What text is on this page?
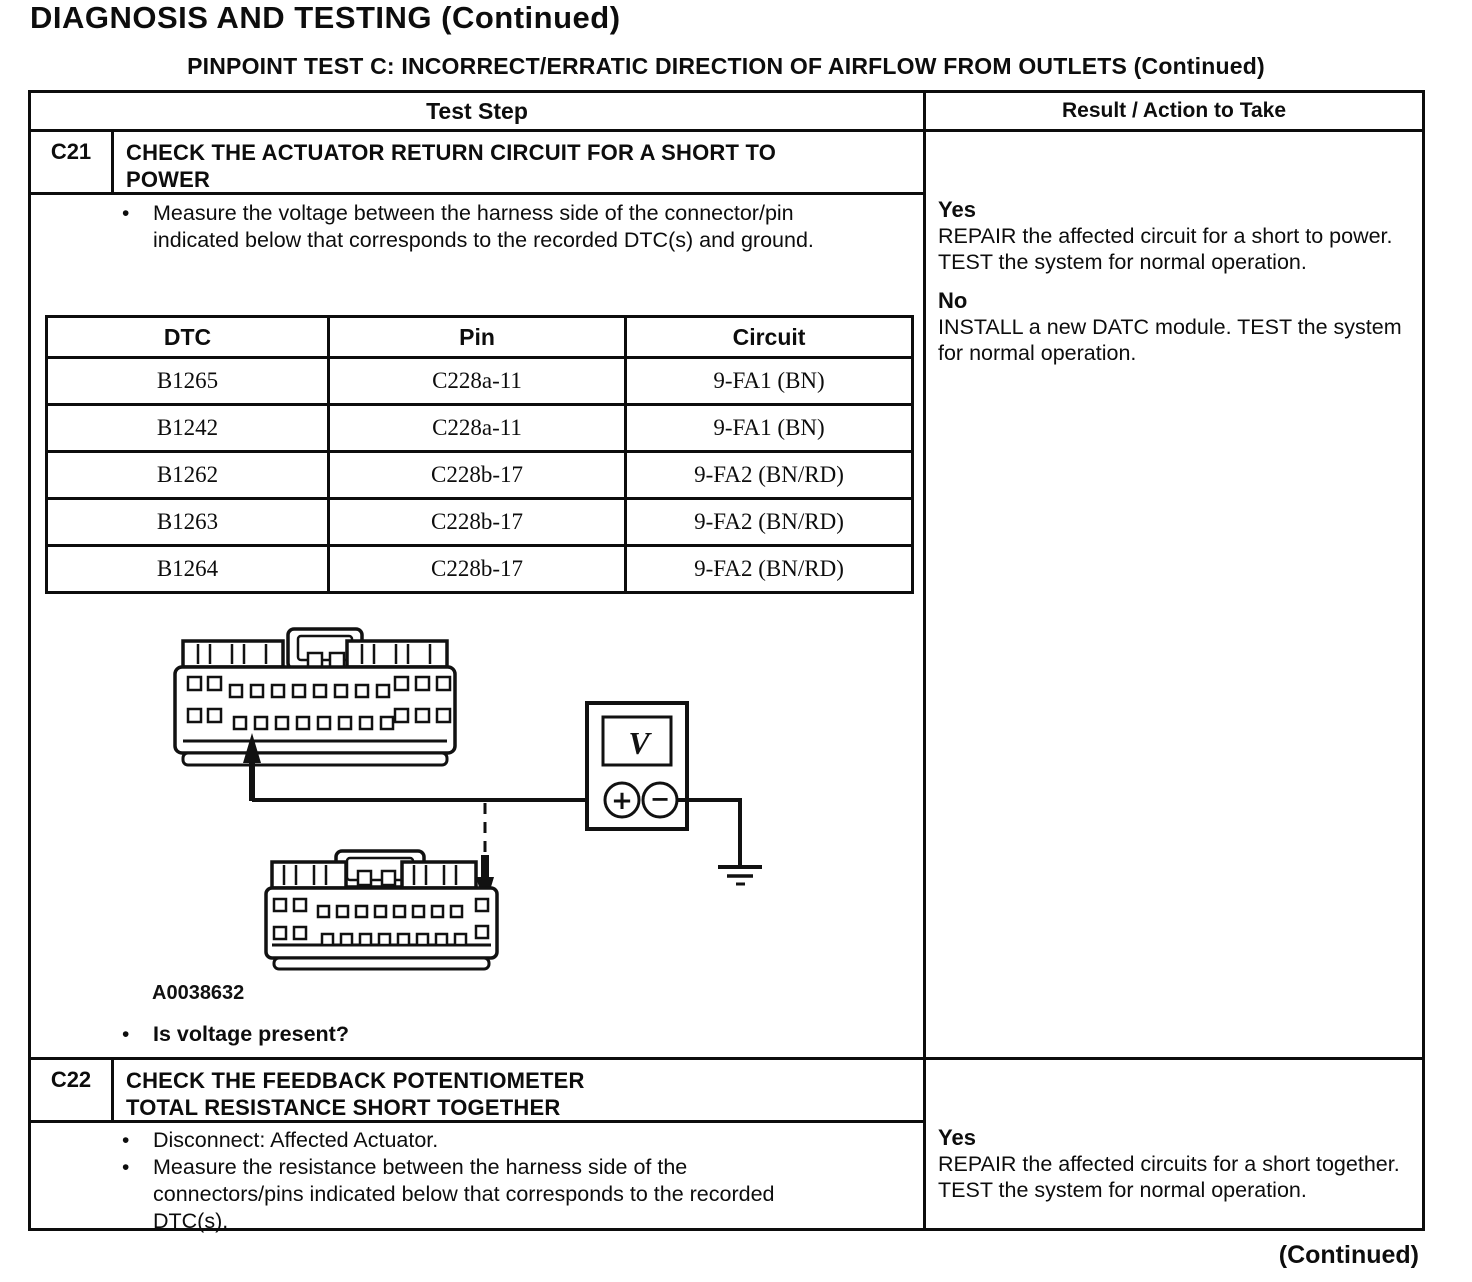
DIAGNOSIS AND TESTING (Continued)
PINPOINT TEST C: INCORRECT/ERRATIC DIRECTION OF AIRFLOW FROM OUTLETS (Continued)
Test Step	Result / Action to Take
C21	CHECK THE ACTUATOR RETURN CIRCUIT FOR A SHORT TO POWER
•	Measure the voltage between the harness side of the connector/pin indicated below that corresponds to the recorded DTC(s) and ground.
DTC	Pin	Circuit
B1265	C228a-11	9-FA1 (BN)
B1242	C228a-11	9-FA1 (BN)
B1262	C228b-17	9-FA2 (BN/RD)
B1263	C228b-17	9-FA2 (BN/RD)
B1264	C228b-17	9-FA2 (BN/RD)
V
+ −
A0038632
•	Is voltage present?

Yes

REPAIR the affected circuit for a short to power. TEST the system for normal operation.

No

INSTALL a new DATC module. TEST the system for normal operation.

C22	CHECK THE FEEDBACK POTENTIOMETER TOTAL RESISTANCE SHORT TOGETHER
•	Disconnect: Affected Actuator.
•	Measure the resistance between the harness side of the connectors/pins indicated below that corresponds to the recorded DTC(s).

Yes

REPAIR the affected circuits for a short together. TEST the system for normal operation.

(Continued)
